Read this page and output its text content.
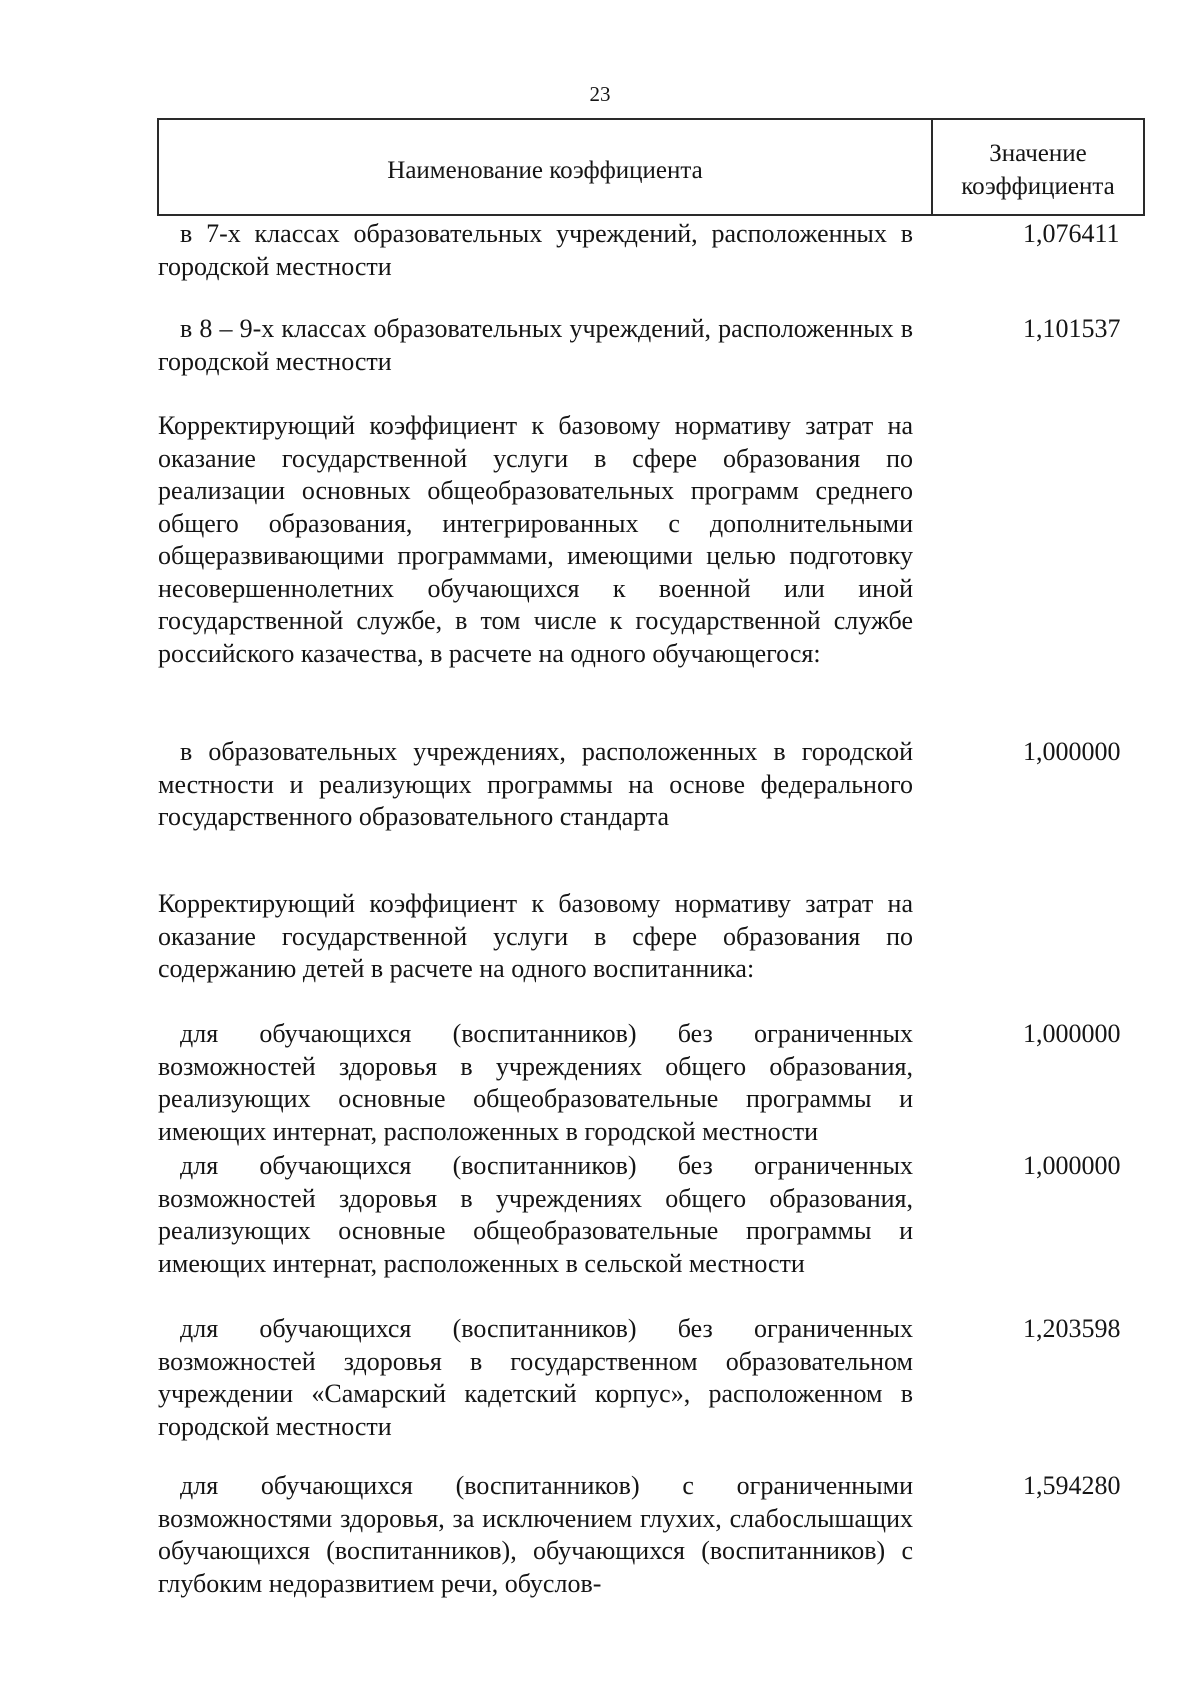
23
Наименование коэффициента
Значение коэффициента
в 7-х классах образовательных учреждений, расположенных в городской местности
1,076411
в 8 – 9-х классах образовательных учреждений, расположенных в городской местности
1,101537
Корректирующий коэффициент к базовому нормативу затрат на оказание государственной услуги в сфере образования по реализации основных общеобразовательных программ среднего общего образования, интегрированных с дополнительными общеразвивающими программами, имеющими целью подготовку несовершеннолетних обучающихся к военной или иной государственной службе, в том числе к государственной службе российского казачества, в расчете на одного обучающегося:
в образовательных учреждениях, расположенных в городской местности и реализующих программы на основе федерального государственного образовательного стандарта
1,000000
Корректирующий коэффициент к базовому нормативу затрат на оказание государственной услуги в сфере образования по содержанию детей в расчете на одного воспитанника:
для обучающихся (воспитанников) без ограниченных возможностей здоровья в учреждениях общего образования, реализующих основные общеобразовательные программы и имеющих интернат, расположенных в городской местности
1,000000
для обучающихся (воспитанников) без ограниченных возможностей здоровья в учреждениях общего образования, реализующих основные общеобразовательные программы и имеющих интернат, расположенных в сельской местности
1,000000
для обучающихся (воспитанников) без ограниченных возможностей здоровья в государственном образовательном учреждении «Самарский кадетский корпус», расположенном в городской местности
1,203598
для обучающихся (воспитанников) с ограниченными возможностями здоровья, за исключением глухих, слабослышащих обучающихся (воспитанников), обучающихся (воспитанников) с глубоким недоразвитием речи, обуслов-
1,594280
